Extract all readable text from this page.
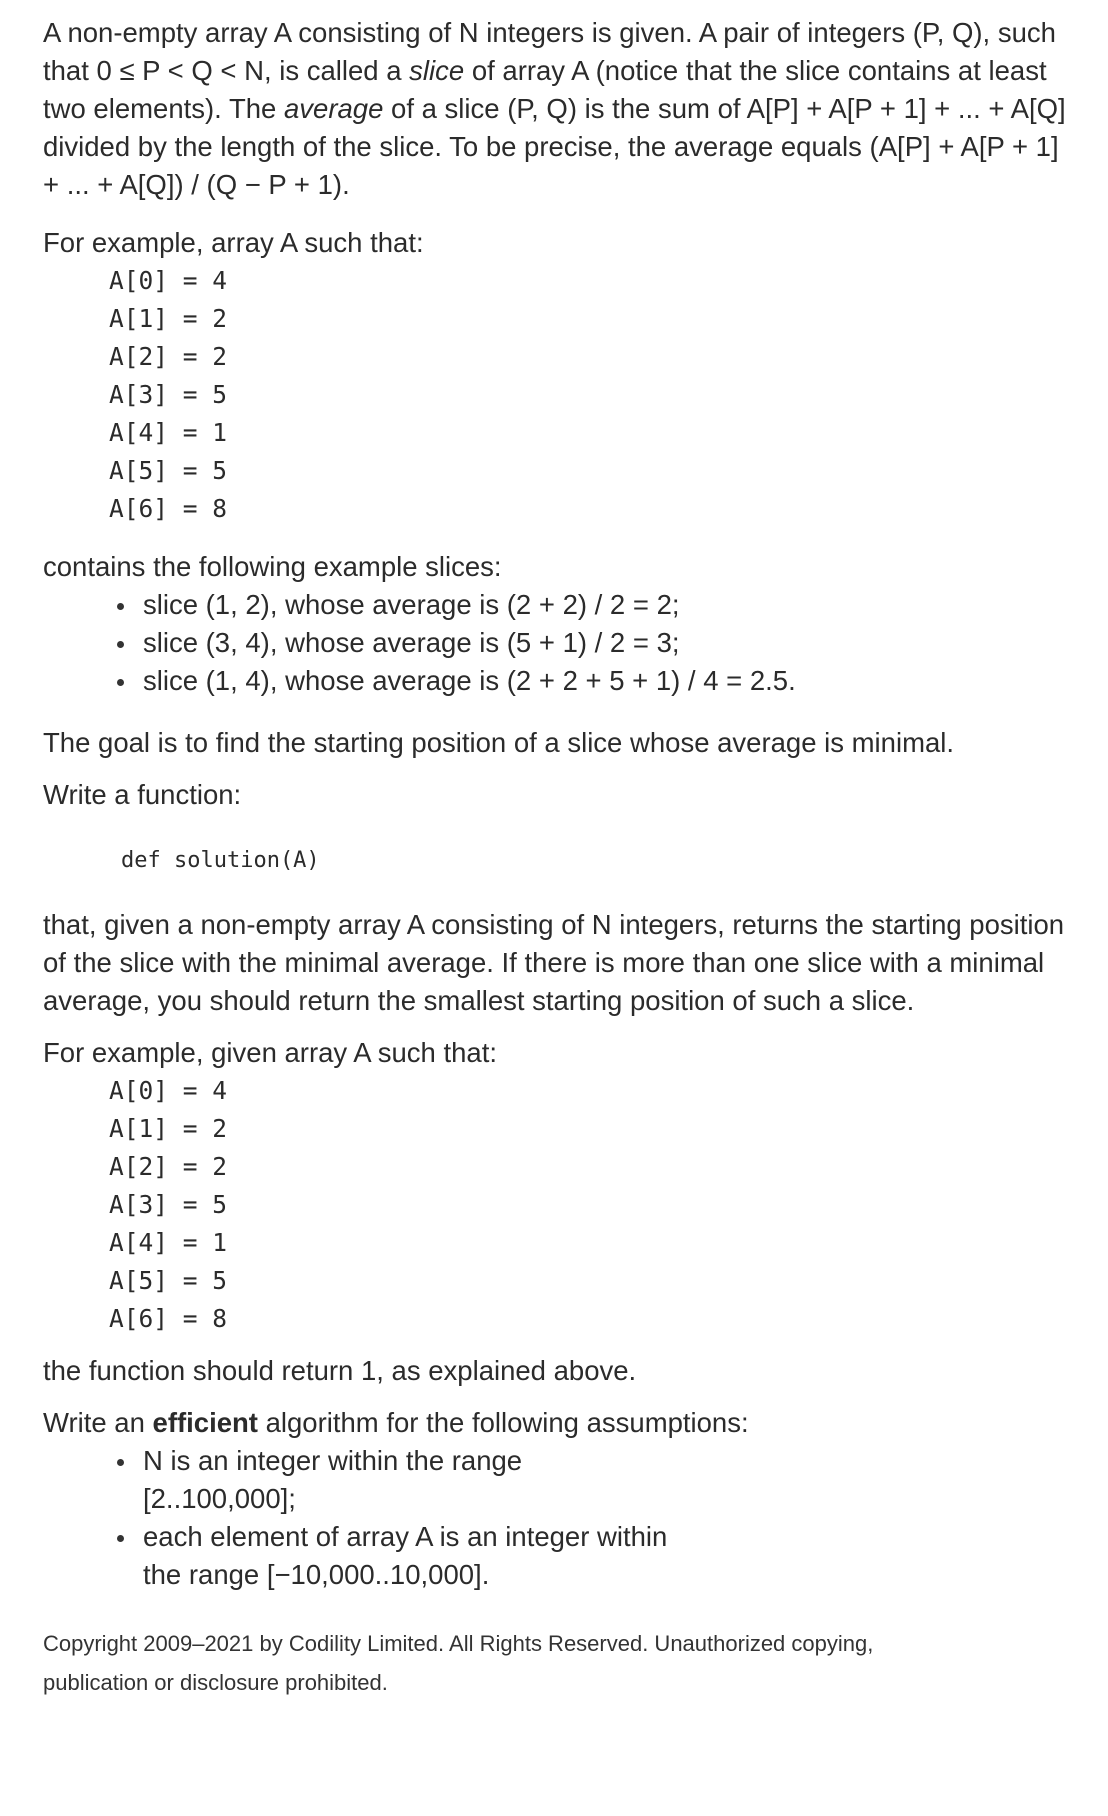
A non-empty array A consisting of N integers is given. A pair of integers (P, Q), such that 0 ≤ P < Q < N, is called a slice of array A (notice that the slice contains at least two elements). The average of a slice (P, Q) is the sum of A[P] + A[P + 1] + ... + A[Q] divided by the length of the slice. To be precise, the average equals (A[P] + A[P + 1] + ... + A[Q]) / (Q − P + 1).

For example, array A such that:

A[0] = 4
A[1] = 2
A[2] = 2
A[3] = 5
A[4] = 1
A[5] = 5
A[6] = 8

contains the following example slices:

slice (1, 2), whose average is (2 + 2) / 2 = 2;
slice (3, 4), whose average is (5 + 1) / 2 = 3;
slice (1, 4), whose average is (2 + 2 + 5 + 1) / 4 = 2.5.

The goal is to find the starting position of a slice whose average is minimal.

Write a function:

def solution(A)

that, given a non-empty array A consisting of N integers, returns the starting position of the slice with the minimal average. If there is more than one slice with a minimal average, you should return the smallest starting position of such a slice.

For example, given array A such that:

A[0] = 4
A[1] = 2
A[2] = 2
A[3] = 5
A[4] = 1
A[5] = 5
A[6] = 8

the function should return 1, as explained above.

Write an efficient algorithm for the following assumptions:

N is an integer within the range [2..100,000];
each element of array A is an integer within the range [−10,000..10,000].

Copyright 2009–2021 by Codility Limited. All Rights Reserved. Unauthorized copying, publication or disclosure prohibited.
